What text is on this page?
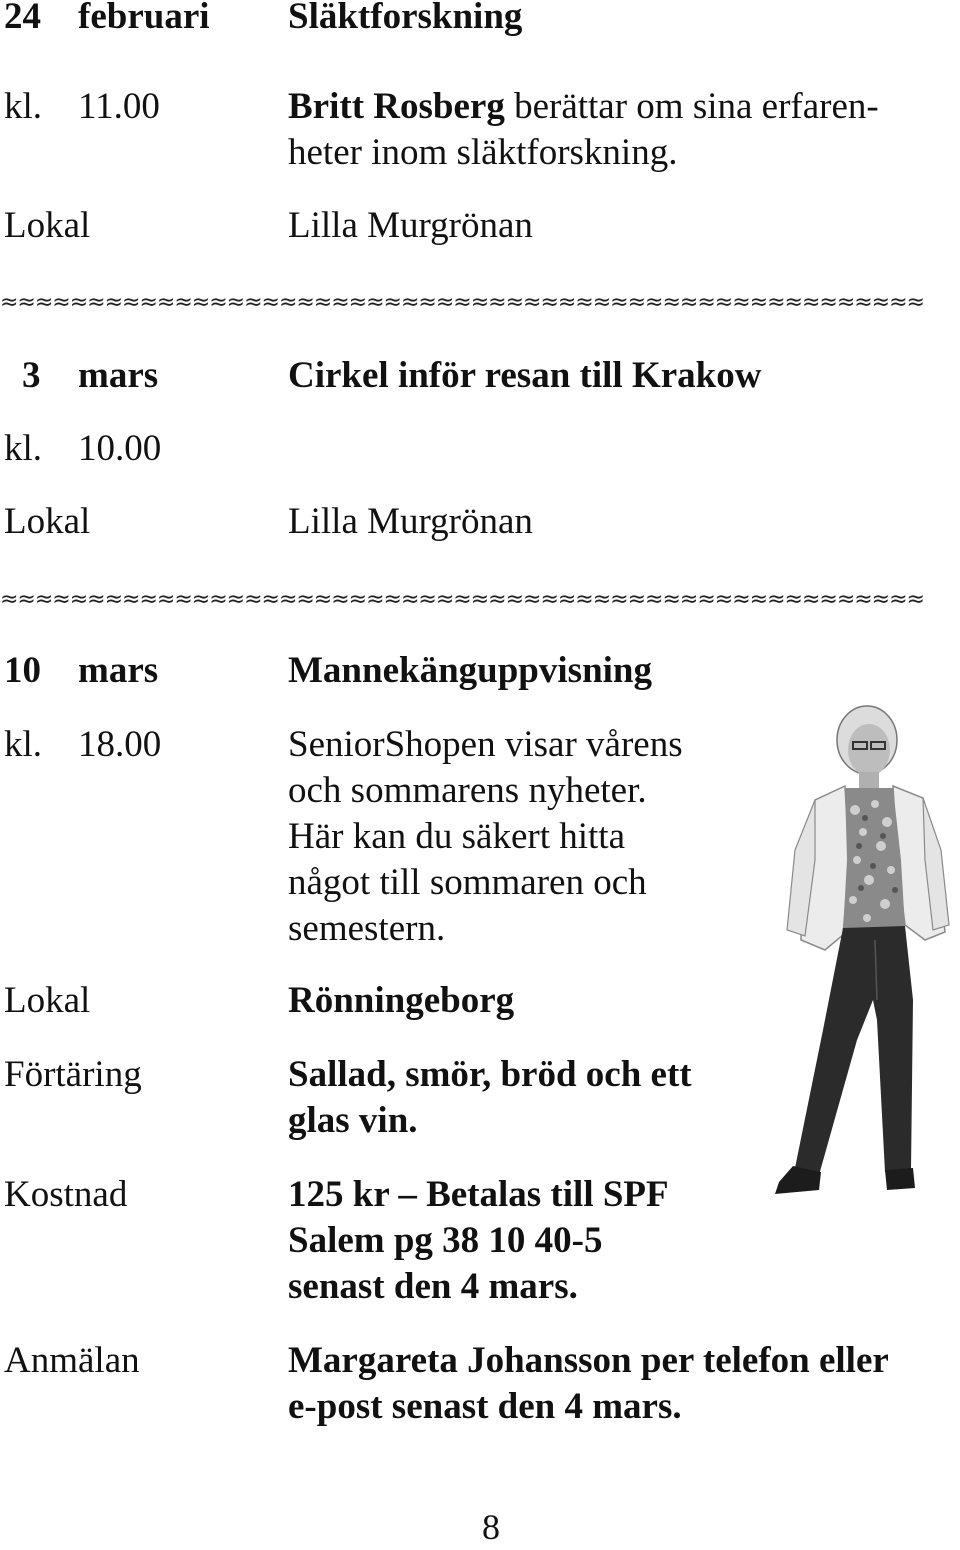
24 februari Släktforskning
kl. 11.00	Britt Rosberg berättar om sina erfaren-
heter inom släktforskning.
Lokal	Lilla Murgrönan
≈≈≈≈≈≈≈≈≈≈≈≈≈≈≈≈≈≈≈≈≈≈≈≈≈≈≈≈≈≈≈≈≈≈≈≈≈≈≈≈≈≈≈≈≈≈≈≈≈≈≈≈≈
3 mars	Cirkel inför resan till Krakow
kl. 10.00
Lokal	Lilla Murgrönan
≈≈≈≈≈≈≈≈≈≈≈≈≈≈≈≈≈≈≈≈≈≈≈≈≈≈≈≈≈≈≈≈≈≈≈≈≈≈≈≈≈≈≈≈≈≈≈≈≈≈≈≈≈
10 mars	Mannekänguppvisning
kl. 18.00	SeniorShopen visar vårens
och sommarens nyheter.
Här kan du säkert hitta
något till sommaren och
semestern.
Lokal	Rönningeborg
Förtäring	Sallad, smör, bröd och ett
glas vin.
Kostnad	125 kr – Betalas till SPF
Salem pg 38 10 40-5
senast den 4 mars.
Anmälan	Margareta Johansson per telefon eller
e-post senast den 4 mars.
8
